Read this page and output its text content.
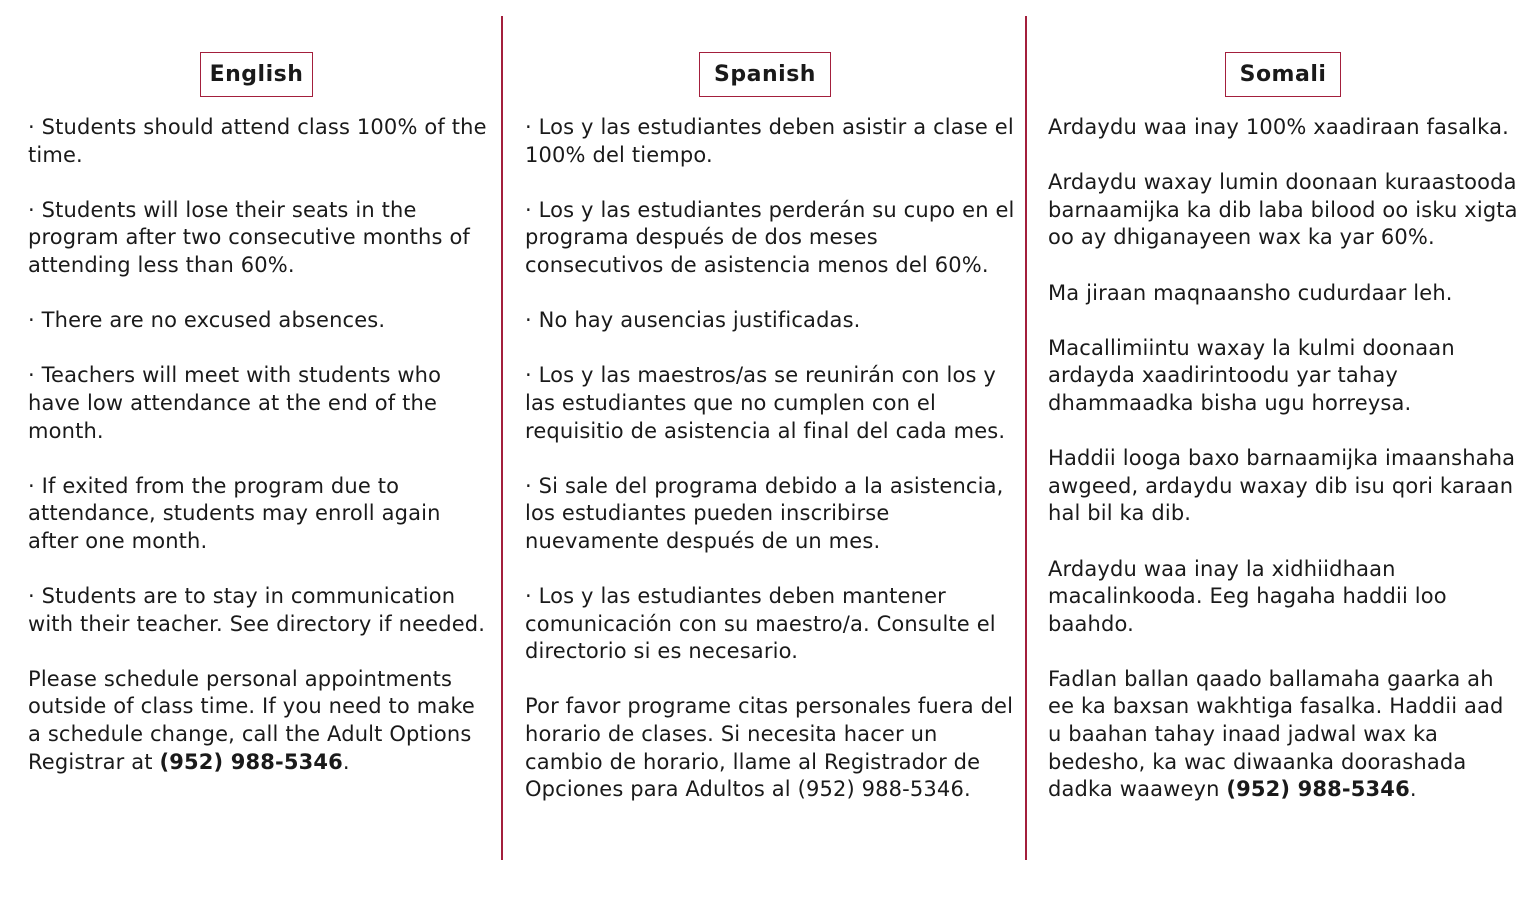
English

· Students should attend class 100% of the time.

· Students will lose their seats in the program after two consecutive months of attending less than 60%.

· There are no excused absences.

· Teachers will meet with students who have low attendance at the end of the month.

· If exited from the program due to attendance, students may enroll again after one month.

· Students are to stay in communication with their teacher. See directory if needed.

Please schedule personal appointments outside of class time. If you need to make a schedule change, call the Adult Options Registrar at (952) 988-5346.

Spanish

· Los y las estudiantes deben asistir a clase el 100% del tiempo.

· Los y las estudiantes perderán su cupo en el programa después de dos meses consecutivos de asistencia menos del 60%.

· No hay ausencias justificadas.

· Los y las maestros/as se reunirán con los y las estudiantes que no cumplen con el requisitio de asistencia al final del cada mes.

· Si sale del programa debido a la asistencia, los estudiantes pueden inscribirse nuevamente después de un mes.

· Los y las estudiantes deben mantener comunicación con su maestro/a. Consulte el directorio si es necesario.

Por favor programe citas personales fuera del horario de clases. Si necesita hacer un cambio de horario, llame al Registrador de Opciones para Adultos al (952) 988-5346.

Somali

Ardaydu waa inay 100% xaadiraan fasalka.

Ardaydu waxay lumin doonaan kuraastooda barnaamijka ka dib laba bilood oo isku xigta oo ay dhiganayeen wax ka yar 60%.

Ma jiraan maqnaansho cudurdaar leh.

Macallimiintu waxay la kulmi doonaan ardayda xaadirintoodu yar tahay dhammaadka bisha ugu horreysa.

Haddii looga baxo barnaamijka imaanshaha awgeed, ardaydu waxay dib isu qori karaan hal bil ka dib.

Ardaydu waa inay la xidhiidhaan macalinkooda. Eeg hagaha haddii loo baahdo.

Fadlan ballan qaado ballamaha gaarka ah ee ka baxsan wakhtiga fasalka. Haddii aad u baahan tahay inaad jadwal wax ka bedesho, ka wac diwaanka doorashada dadka waaweyn (952) 988-5346.
